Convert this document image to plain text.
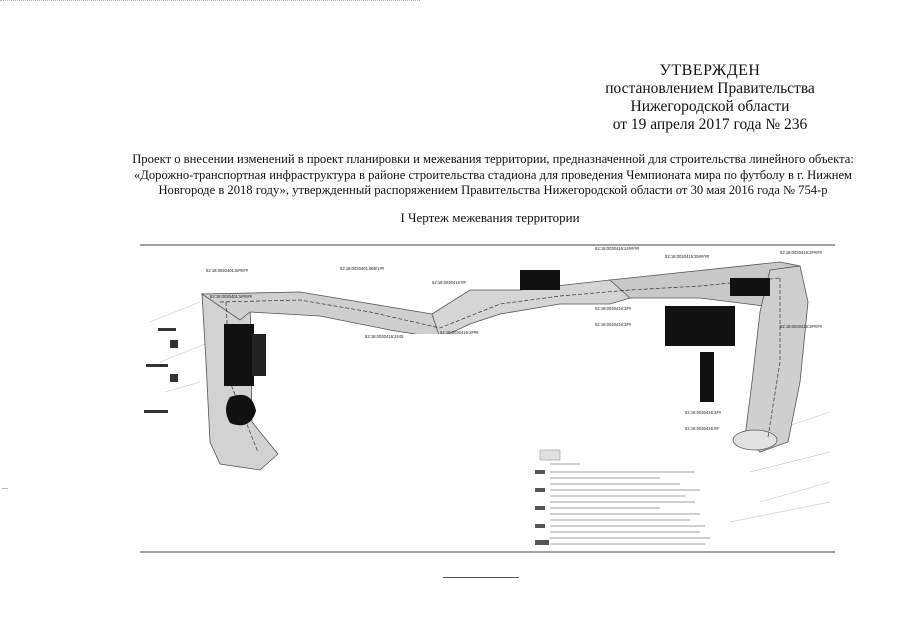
УТВЕРЖДЕН
постановлением Правительства
Нижегородской области
от 19 апреля 2017 года № 236
Проект о внесении изменений в проект планировки и межевания территории, предназначенной для строительства линейного объекта:
«Дорожно-транспортная инфраструктура в районе строительства стадиона для проведения Чемпионата мира по футболу в г. Нижнем
Новгороде в 2018 году», утвержденный распоряжением Правительства Нижегородской области от 30 мая 2016 года № 754-р
I Чертеж межевания территории
52:18:0030401:5##/##	52:18:0030401:968/1##
52:18:0030401:5##/##
52:18:0030416:##
52:18:0030416:2445
52:18:0030416:2##9
52:18:0030416:24##/##
52:18:0030416:25##/##
52:18:0030416:2##/##
52:18:0030416:3##
52:18:0030416:3##	52:18:0030416:3##/##
52:18:0030416:2##
52:18:0030416:##
